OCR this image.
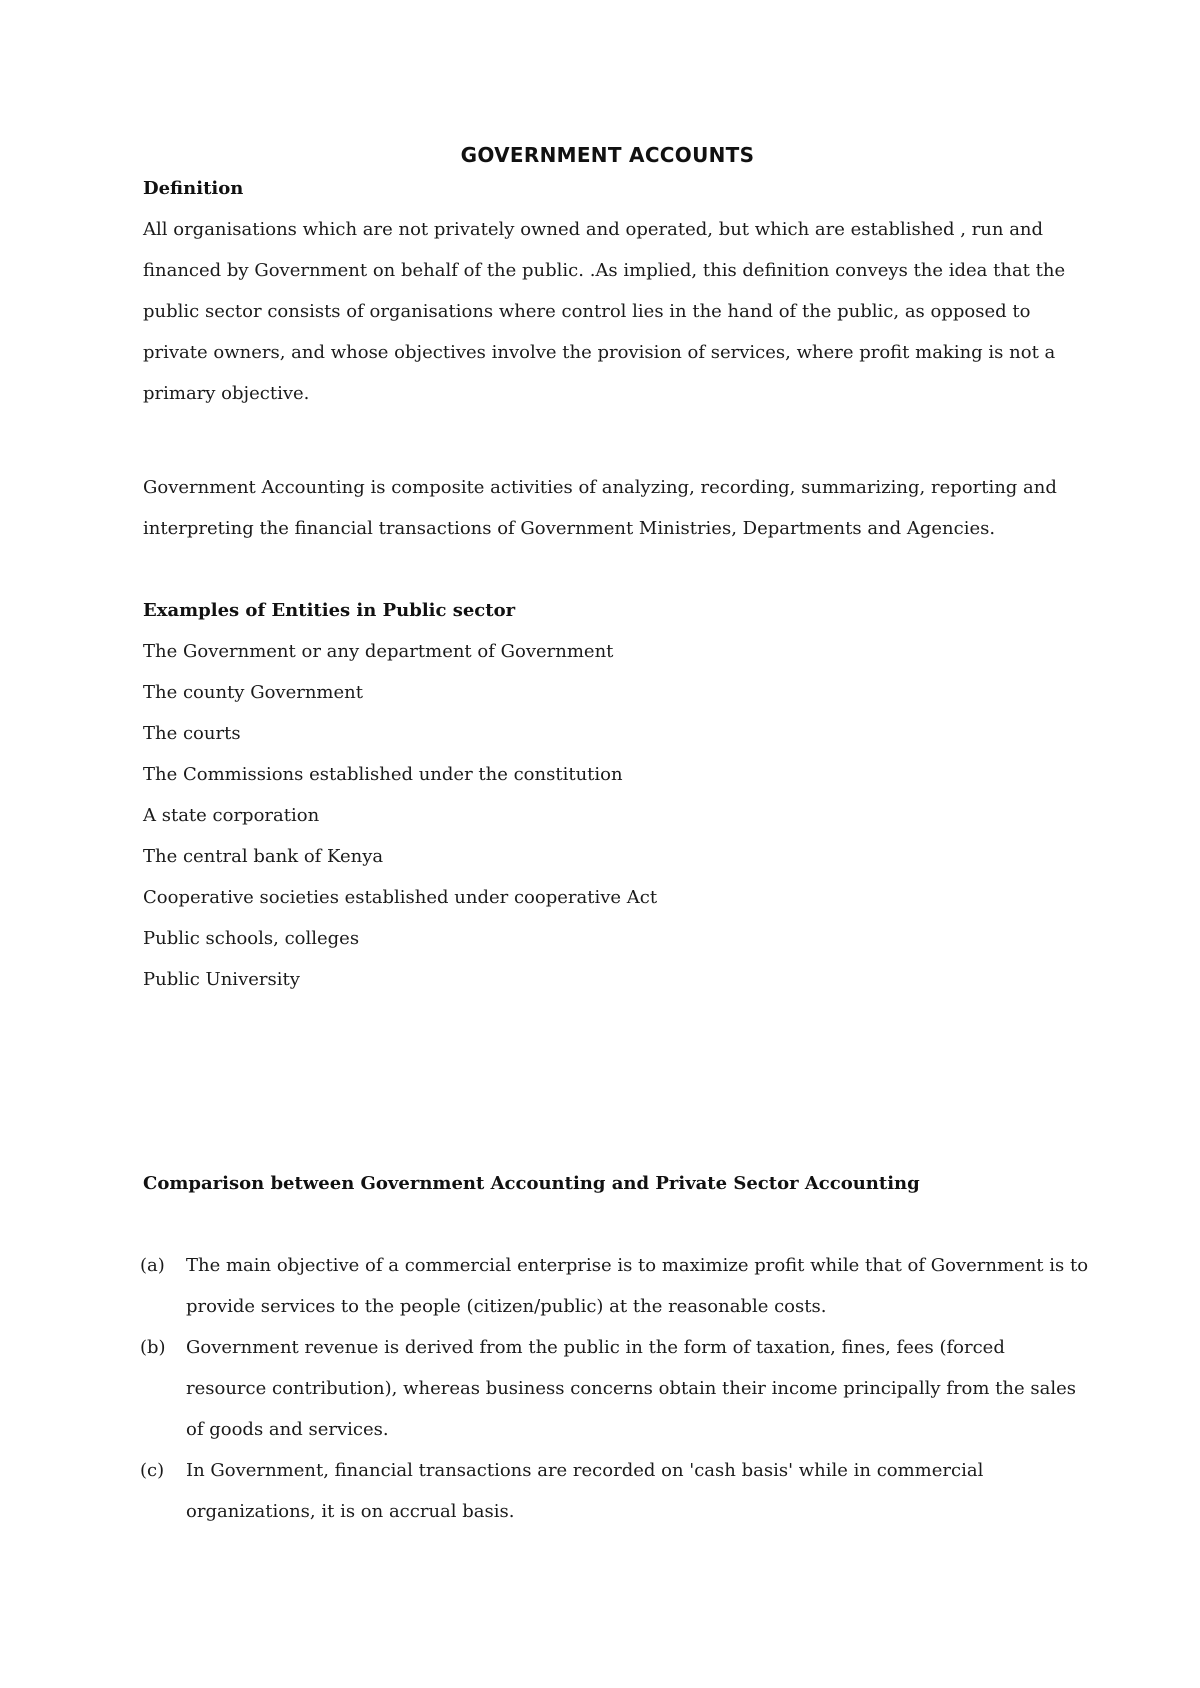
GOVERNMENT ACCOUNTS
Definition

All organisations which are not privately owned and operated, but which are established , run and financed by Government on behalf of the public. .As implied, this definition conveys the idea that the public sector consists of organisations where control lies in the hand of the public, as opposed to private owners, and whose objectives involve the provision of services, where profit making is not a primary objective.

Government Accounting is composite activities of analyzing, recording, summarizing, reporting and interpreting the financial transactions of Government Ministries, Departments and Agencies.

Examples of Entities in Public sector
The Government or any department of Government
The county Government
The courts
The Commissions established under the constitution
A state corporation
The central bank of Kenya
Cooperative societies established under cooperative Act
Public schools, colleges
Public University
Comparison between Government Accounting and Private Sector Accounting
(a)	The main objective of a commercial enterprise is to maximize profit while that of Government is to provide services to the people (citizen/public) at the reasonable costs.
(b)	Government revenue is derived from the public in the form of taxation, fines, fees (forced resource contribution), whereas business concerns obtain their income principally from the sales of goods and services.
(c)	In Government, financial transactions are recorded on 'cash basis' while in commercial organizations, it is on accrual basis.
